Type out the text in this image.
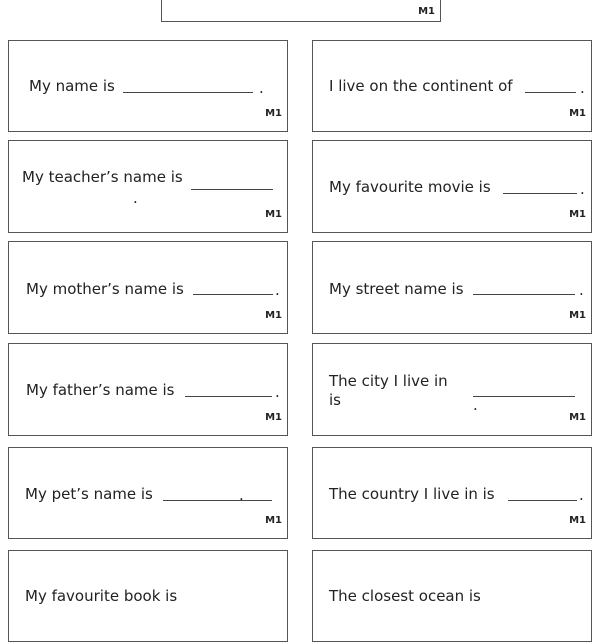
M1
My name is	.
M1
I live on the continent of	.
M1
My teacher’s name is
.
M1
My favourite movie is	.
M1
My mother’s name is	.
M1
My street name is	.
M1
My father’s name is	.
M1
The city I live in
is	.
M1
My pet’s name is	.
M1
The country I live in is	.
M1
My favourite book is	The closest ocean is
